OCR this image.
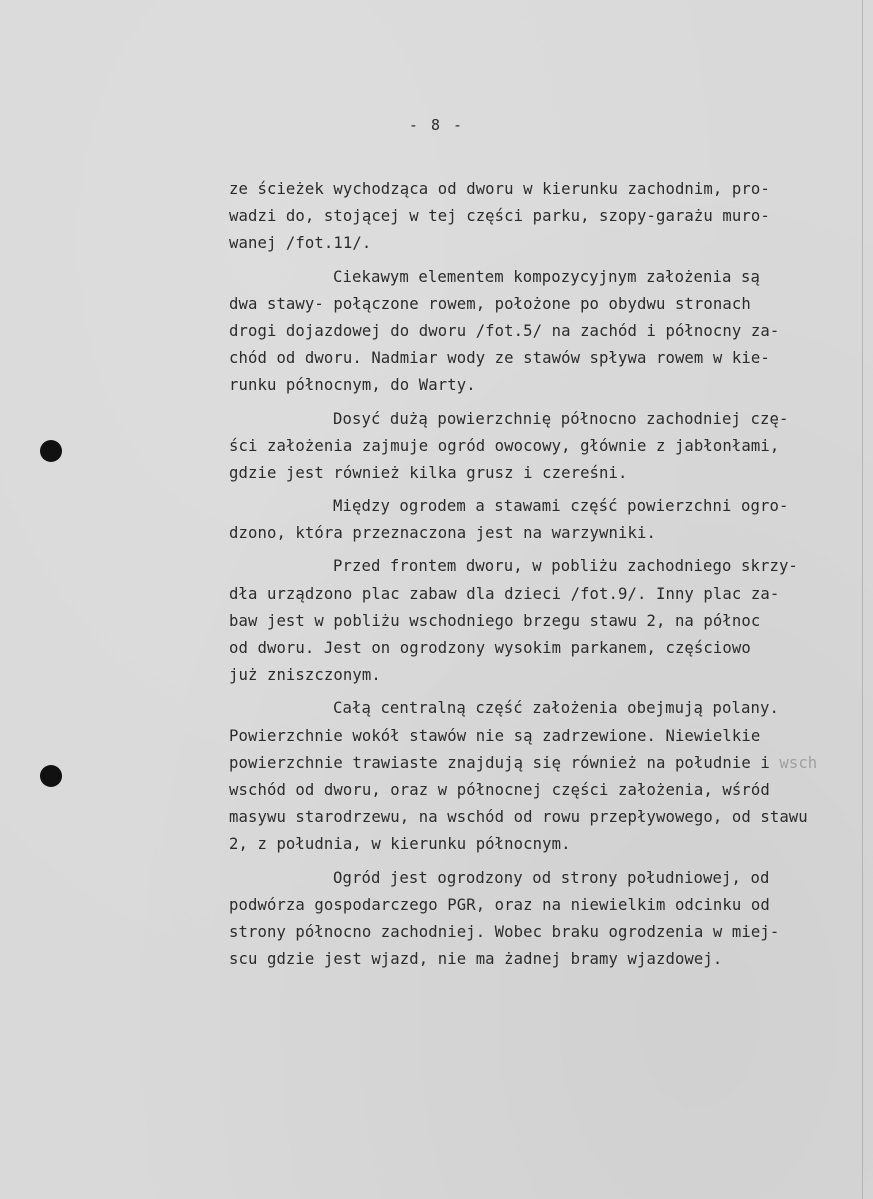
- 8 -
ze ścieżek wychodząca od dworu w kierunku zachodnim, pro-
wadzi do, stojącej w tej części parku, szopy-garażu muro-
wanej /fot.11/.
Ciekawym elementem kompozycyjnym założenia są
dwa stawy- połączone rowem, położone po obydwu stronach
drogi dojazdowej do dworu /fot.5/ na zachód i północny za-
chód od dworu. Nadmiar wody ze stawów spływa rowem w kie-
runku północnym, do Warty.
Dosyć dużą powierzchnię północno zachodniej czę-
ści założenia zajmuje ogród owocowy, głównie z jabłonłami,
gdzie jest również kilka grusz i czereśni.
Między ogrodem a stawami część powierzchni ogro-
dzono, która przeznaczona jest na warzywniki.
Przed frontem dworu, w pobliżu zachodniego skrzy-
dła urządzono plac zabaw dla dzieci /fot.9/. Inny plac za-
baw jest w pobliżu wschodniego brzegu stawu 2, na północ
od dworu. Jest on ogrodzony wysokim parkanem, częściowo
już zniszczonym.
Całą centralną część założenia obejmują polany.
Powierzchnie wokół stawów nie są zadrzewione. Niewielkie
powierzchnie trawiaste znajdują się również na południe i wsch
wschód od dworu, oraz w północnej części założenia, wśród
masywu starodrzewu, na wschód od rowu przepływowego, od stawu
2, z południa, w kierunku północnym.
Ogród jest ogrodzony od strony południowej, od
podwórza gospodarczego PGR, oraz na niewielkim odcinku od
strony północno zachodniej. Wobec braku ogrodzenia w miej-
scu gdzie jest wjazd, nie ma żadnej bramy wjazdowej.
